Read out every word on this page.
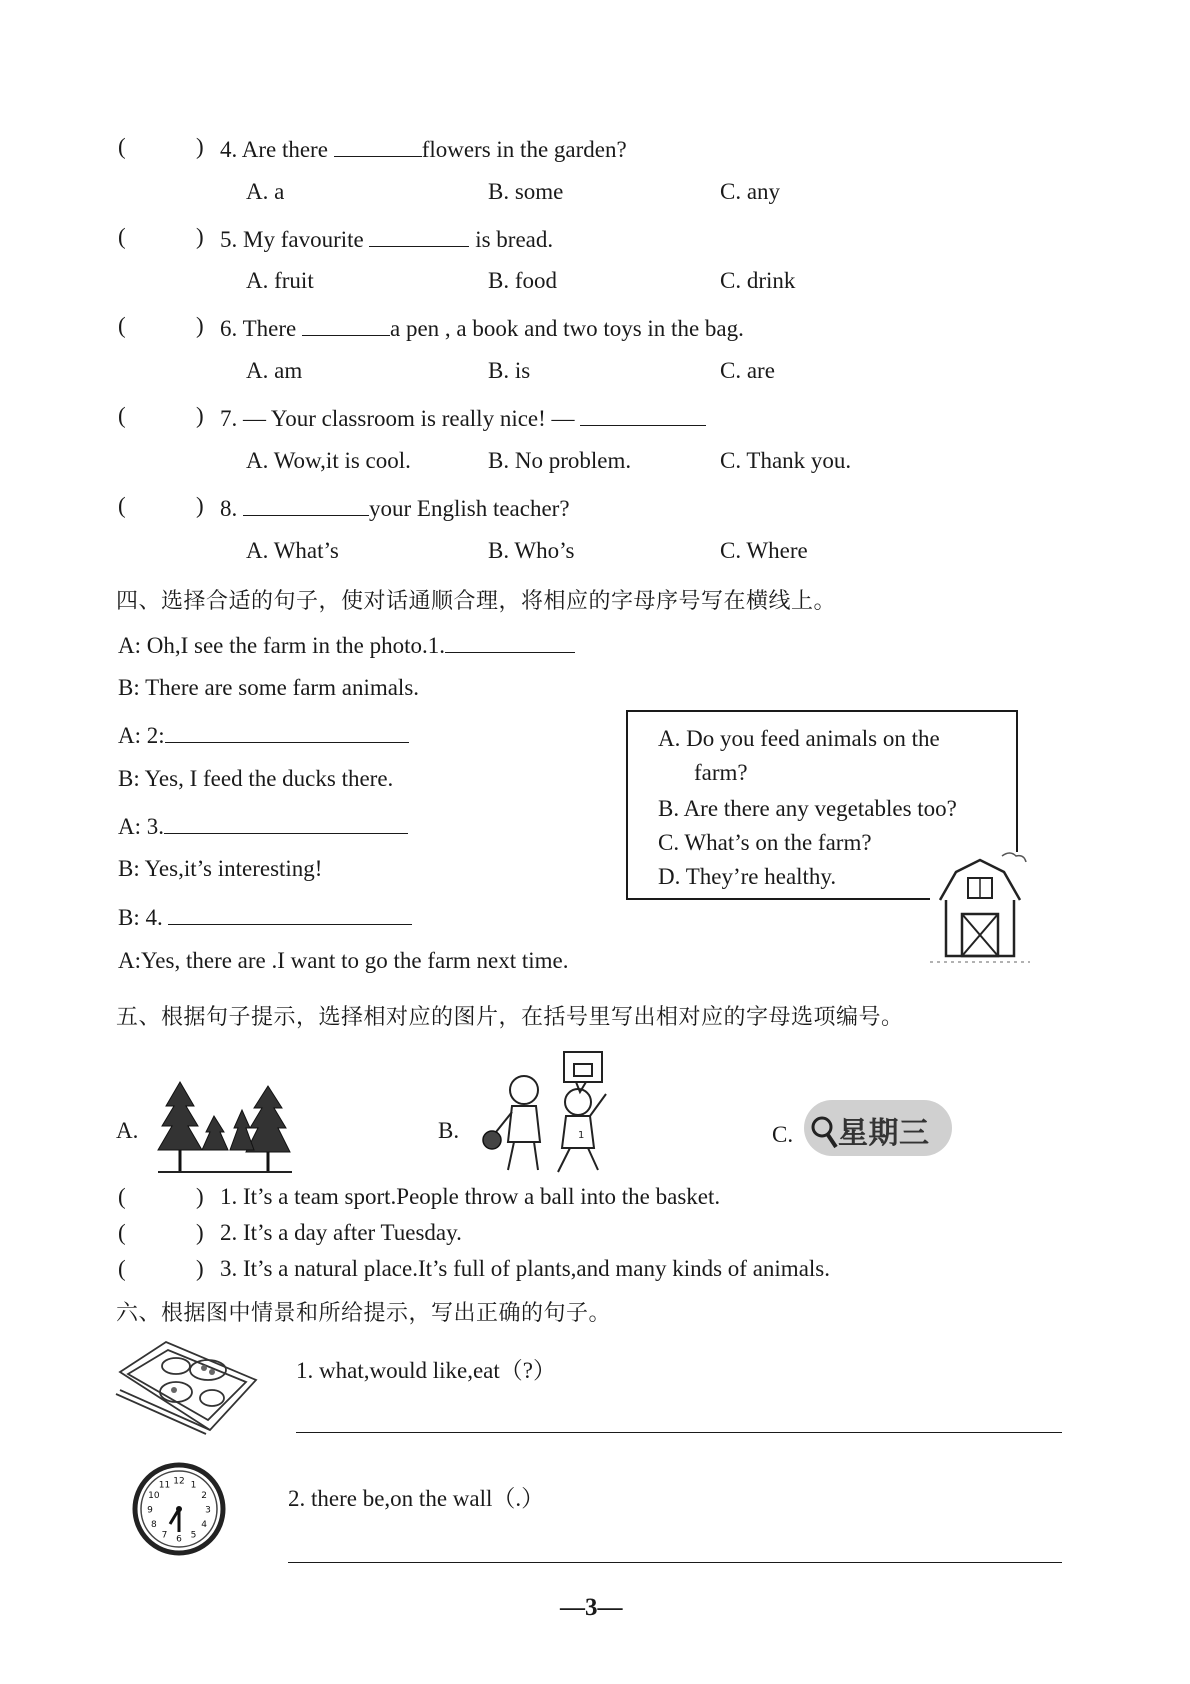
(	) 4. Are there	flowers in the garden?
A. a	B. some	C. any
(	) 5. My favourite	is bread.
A. fruit	B. food	C. drink
(	) 6. There	a pen , a book and two toys in the bag.
A. am	B. is	C. are
(	) 7. — Your classroom is really nice! —
A. Wow,it is cool.	B. No problem.	C. Thank you.
(	) 8.	your English teacher?
A. What’s	B. Who’s	C. Where
四、选择合适的句子，使对话通顺合理，将相应的字母序号写在横线上。
A: Oh,I see the farm in the photo.1.
B: There are some farm animals.
A: 2:
B: Yes, I feed the ducks there.
A: 3.
B: Yes,it’s interesting!
B: 4.
A:Yes, there are .I want to go the farm next time.
A. Do you feed animals on the
farm?
B. Are there any vegetables too?
C. What’s on the farm?
D. They’re healthy.
五、根据句子提示，选择相对应的图片，在括号里写出相对应的字母选项编号。
A.	B.	1	C. 星期三
(	) 1. It’s a team sport.People throw a ball into the basket.
(	) 2. It’s a day after Tuesday.
(	) 3. It’s a natural place.It’s full of plants,and many kinds of animals.
六、根据图中情景和所给提示，写出正确的句子。
1. what,would like,eat（?）
12 1
2
3
4
5
6
7
8
9
10
11
2. there be,on the wall（.）
—3—
